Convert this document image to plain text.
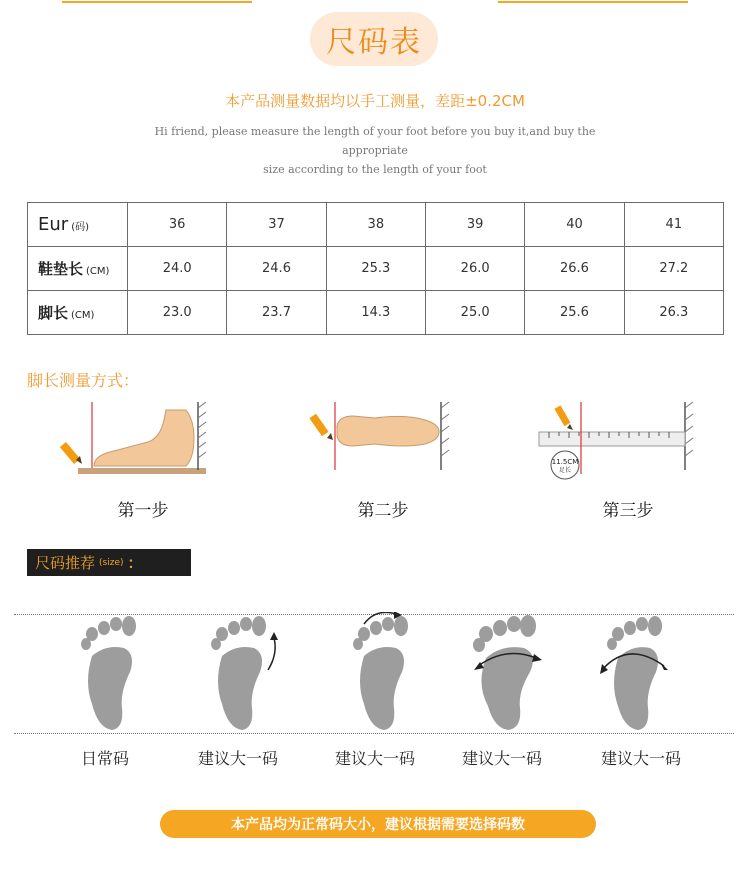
尺码表
本产品测量数据均以手工测量，差距±0.2CM
Hi friend, please measure the length of your foot before you buy it,and buy the appropriate
size according to the length of your foot
Eur (码)	36	37	38	39	40	41
鞋垫长 (CM)	24.0	24.6	25.3	26.0	26.6	27.2
脚长 (CM)	23.0	23.7	14.3	25.0	25.6	26.3
脚长测量方式：
11.5CM
足长
第一步	第二步	第三步
尺码推荐 (size) ：
日常码	建议大一码	建议大一码	建议大一码	建议大一码
本产品均为正常码大小，建议根据需要选择码数
